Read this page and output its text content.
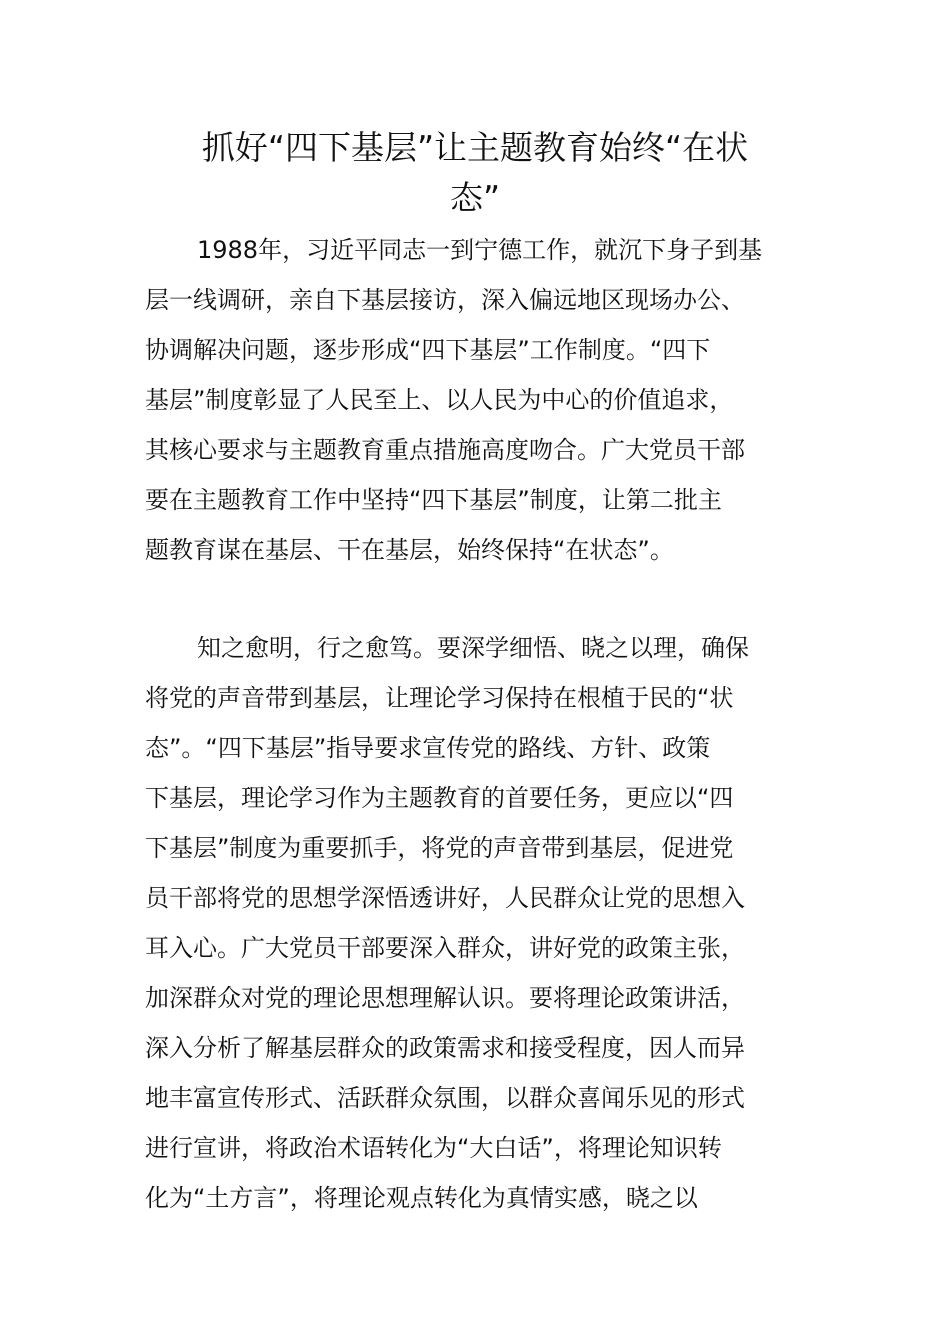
抓好“四下基层”让主题教育始终“在状
态”
1988年，习近平同志一到宁德工作，就沉下身子到基
层一线调研，亲自下基层接访，深入偏远地区现场办公、
协调解决问题，逐步形成“四下基层”工作制度。“四下
基层”制度彰显了人民至上、以人民为中心的价值追求，
其核心要求与主题教育重点措施高度吻合。广大党员干部
要在主题教育工作中坚持“四下基层”制度，让第二批主
题教育谋在基层、干在基层，始终保持“在状态”。
知之愈明，行之愈笃。要深学细悟、晓之以理，确保
将党的声音带到基层，让理论学习保持在根植于民的“状
态”。“四下基层”指导要求宣传党的路线、方针、政策
下基层，理论学习作为主题教育的首要任务，更应以“四
下基层”制度为重要抓手，将党的声音带到基层，促进党
员干部将党的思想学深悟透讲好，人民群众让党的思想入
耳入心。广大党员干部要深入群众，讲好党的政策主张，
加深群众对党的理论思想理解认识。要将理论政策讲活，
深入分析了解基层群众的政策需求和接受程度，因人而异
地丰富宣传形式、活跃群众氛围，以群众喜闻乐见的形式
进行宣讲，将政治术语转化为“大白话”，将理论知识转
化为“土方言”，将理论观点转化为真情实感，晓之以
